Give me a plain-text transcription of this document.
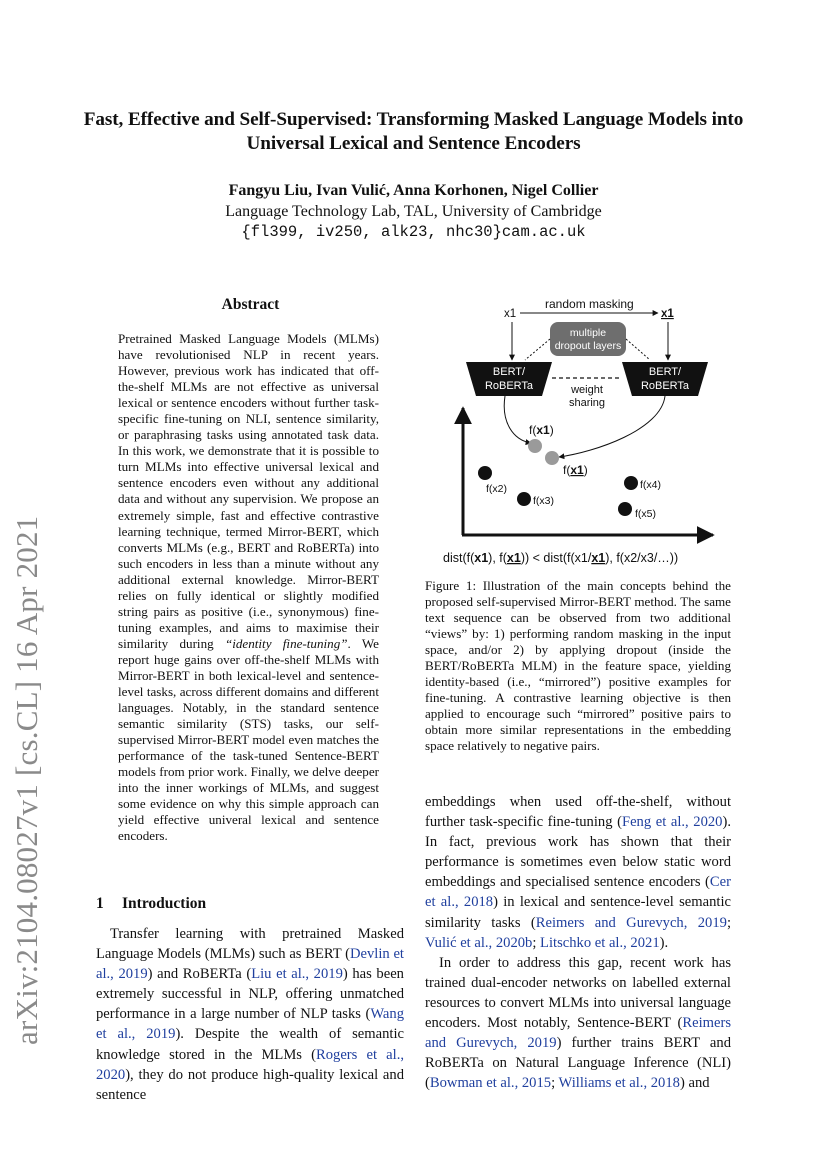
arXiv:2104.08027v1 [cs.CL] 16 Apr 2021
Fast, Effective and Self-Supervised: Transforming Masked Language Models into Universal Lexical and Sentence Encoders
Fangyu Liu, Ivan Vulić, Anna Korhonen, Nigel Collier
Language Technology Lab, TAL, University of Cambridge
{fl399, iv250, alk23, nhc30}cam.ac.uk
Abstract
Pretrained Masked Language Models (MLMs) have revolutionised NLP in recent years. However, previous work has indicated that off-the-shelf MLMs are not effective as universal lexical or sentence encoders without further task-specific fine-tuning on NLI, sentence similarity, or paraphrasing tasks using annotated task data. In this work, we demonstrate that it is possible to turn MLMs into effective universal lexical and sentence encoders even without any additional data and without any supervision. We propose an extremely simple, fast and effective contrastive learning technique, termed Mirror-BERT, which converts MLMs (e.g., BERT and RoBERTa) into such encoders in less than a minute without any additional external knowledge. Mirror-BERT relies on fully identical or slightly modified string pairs as positive (i.e., synonymous) fine-tuning examples, and aims to maximise their similarity during “identity fine-tuning”. We report huge gains over off-the-shelf MLMs with Mirror-BERT in both lexical-level and sentence-level tasks, across different domains and different languages. Notably, in the standard sentence semantic similarity (STS) tasks, our self-supervised Mirror-BERT model even matches the performance of the task-tuned Sentence-BERT models from prior work. Finally, we delve deeper into the inner workings of MLMs, and suggest some evidence on why this simple approach can yield effective univeral lexical and sentence encoders.
1 Introduction

Transfer learning with pretrained Masked Language Models (MLMs) such as BERT (Devlin et al., 2019) and RoBERTa (Liu et al., 2019) has been extremely successful in NLP, offering unmatched performance in a large number of NLP tasks (Wang et al., 2019). Despite the wealth of semantic knowledge stored in the MLMs (Rogers et al., 2020), they do not produce high-quality lexical and sentence

embeddings when used off-the-shelf, without further task-specific fine-tuning (Feng et al., 2020). In fact, previous work has shown that their performance is sometimes even below static word embeddings and specialised sentence encoders (Cer et al., 2018) in lexical and sentence-level semantic similarity tasks (Reimers and Gurevych, 2019; Vulić et al., 2020b; Litschko et al., 2021).

In order to address this gap, recent work has trained dual-encoder networks on labelled external resources to convert MLMs into universal language encoders. Most notably, Sentence-BERT (Reimers and Gurevych, 2019) further trains BERT and RoBERTa on Natural Language Inference (NLI) (Bowman et al., 2015; Williams et al., 2018) and

random masking
x1	x1
multiple
dropout layers
BERT/
RoBERTa
BERT/
RoBERTa
weight
sharing
f(x1)
f(x1)
f(x2)
f(x3)
f(x4)
f(x5)
dist(f(x1), f(x1)) < dist(f(x1/x1), f(x2/x3/…))
Figure 1: Illustration of the main concepts behind the proposed self-supervised Mirror-BERT method. The same text sequence can be observed from two additional “views” by: 1) performing random masking in the input space, and/or 2) by applying dropout (inside the BERT/RoBERTa MLM) in the feature space, yielding identity-based (i.e., “mirrored”) positive examples for fine-tuning. A contrastive learning objective is then applied to encourage such “mirrored” positive pairs to obtain more similar representations in the embedding space relatively to negative pairs.
